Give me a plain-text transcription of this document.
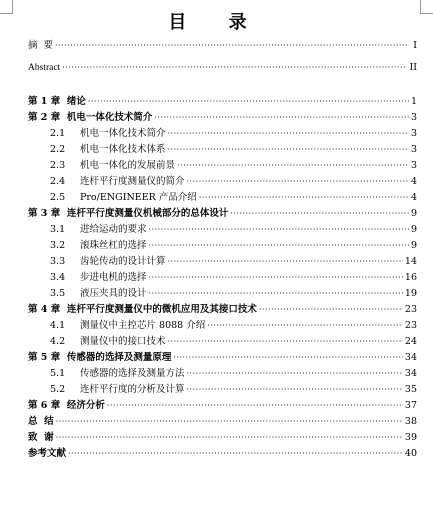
目 录
摘  要 ·····	I
Abstract ·····	II
第 1 章  绪论 ·····	1
第 2 章  机电一体化技术简介 ·····	3
2.1 机电一体化技术简介 ·····	3
2.2 机电一体化技术体系 ·····	3
2.3 机电一体化的发展前景 ·····	3
2.4 连杆平行度测量仪的简介 ·····	4
2.5 Pro/ENGINEER 产品介绍 ·····	4
第 3 章  连杆平行度测量仪机械部分的总体设计 ·····	9
3.1 进给运动的要求 ·····	9
3.2 滚珠丝杠的选择 ·····	9
3.3 齿轮传动的设计计算 ·····	14
3.4 步进电机的选择 ·····	16
3.5 液压夹具的设计 ·····	19
第 4 章  连杆平行度测量仪中的微机应用及其接口技术 ·····	23
4.1 测量仪中主控芯片 8088 介绍 ·····	23
4.2 测量仪中的接口技术 ·····	24
第 5 章  传感器的选择及测量原理 ·····	34
5.1 传感器的选择及测量方法 ·····	34
5.2 连杆平行度的分析及计算 ·····	35
第 6 章  经济分析 ·····	37
总  结 ·····	38
致  谢 ·····	39
参考文献 ·····	40
